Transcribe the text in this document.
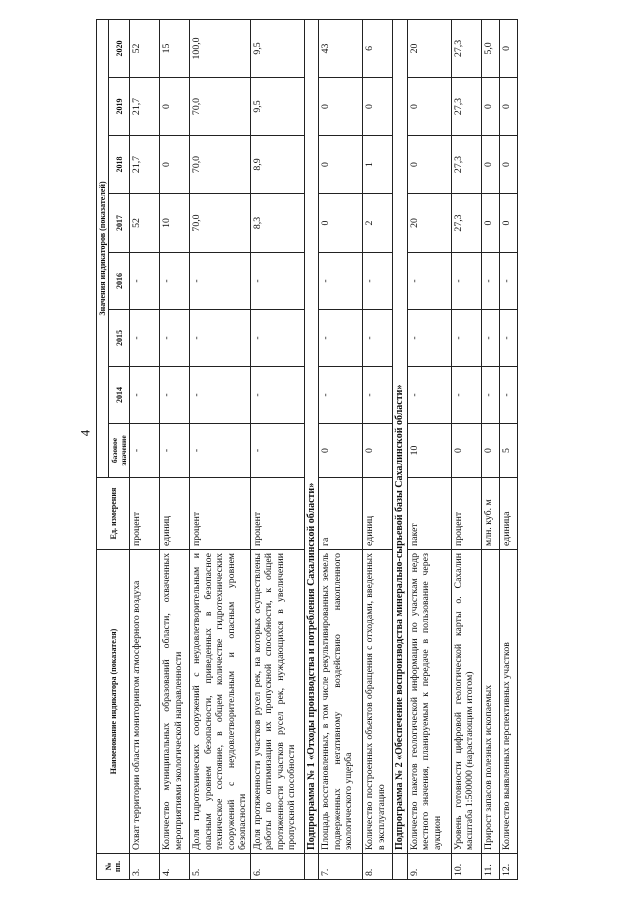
4
№ пп.	Наименование индикатора (показателя)	Ед. измерения	Значения индикаторов (показателей)							
			базовое значение	2014	2015	2016	2017	2018	2019	2020
3.	Охват территории области мониторингом атмосферного воздуха	процент	-	-	-	-	52	21,7	21,7	52
4.	Количество муниципальных образований области, охваченных мероприятиями экологической направленности	единиц	-	-	-	-	10	0	0	15
5.	Доля гидротехнических сооружений с неудовлетворительным и опасным уровнем безопасности, приведенных в безопасное техническое состояние, в общем количестве гидротехнических сооружений с неудовлетворительным и опасным уровнем безопасности	процент	-	-	-	-	70,0	70,0	70,0	100,0
6.	Доля протяженности участков русел рек, на которых осуществлены работы по оптимизации их пропускной способности, к общей протяженности участков русел рек, нуждающихся в увеличении пропускной способности	процент	-	-	-	-	8,3	8,9	9,5	9,5
	Подпрограмма № 1 «Отходы производства и потребления Сахалинской области»									
7.	Площадь восстановленных, в том числе рекультивированных земель подверженных негативному воздействию накопленного экологического ущерба	га	0	-	-	-	0	0	0	43
8.	Количество построенных объектов обращения с отходами, введенных в эксплуатацию	единиц	0	-	-	-	2	1	0	6
	Подпрограмма № 2 «Обеспечение воспроизводства минерально-сырьевой базы Сахалинской области»									
9.	Количество пакетов геологической информации по участкам недр местного значения, планируемым к передаче в пользование через аукцион	пакет	10	-	-	-	20	0	0	20
10.	Уровень готовности цифровой геологической карты о. Сахалин масштаба 1:500000 (нарастающим итогом)	процент	0	-	-	-	27,3	27,3	27,3	27,3
11.	Прирост запасов полезных ископаемых	млн. куб. м	0	-	-	-	0	0	0	5,0
12.	Количество выявленных перспективных участков	единица	5	-	-	-	0	0	0	0
